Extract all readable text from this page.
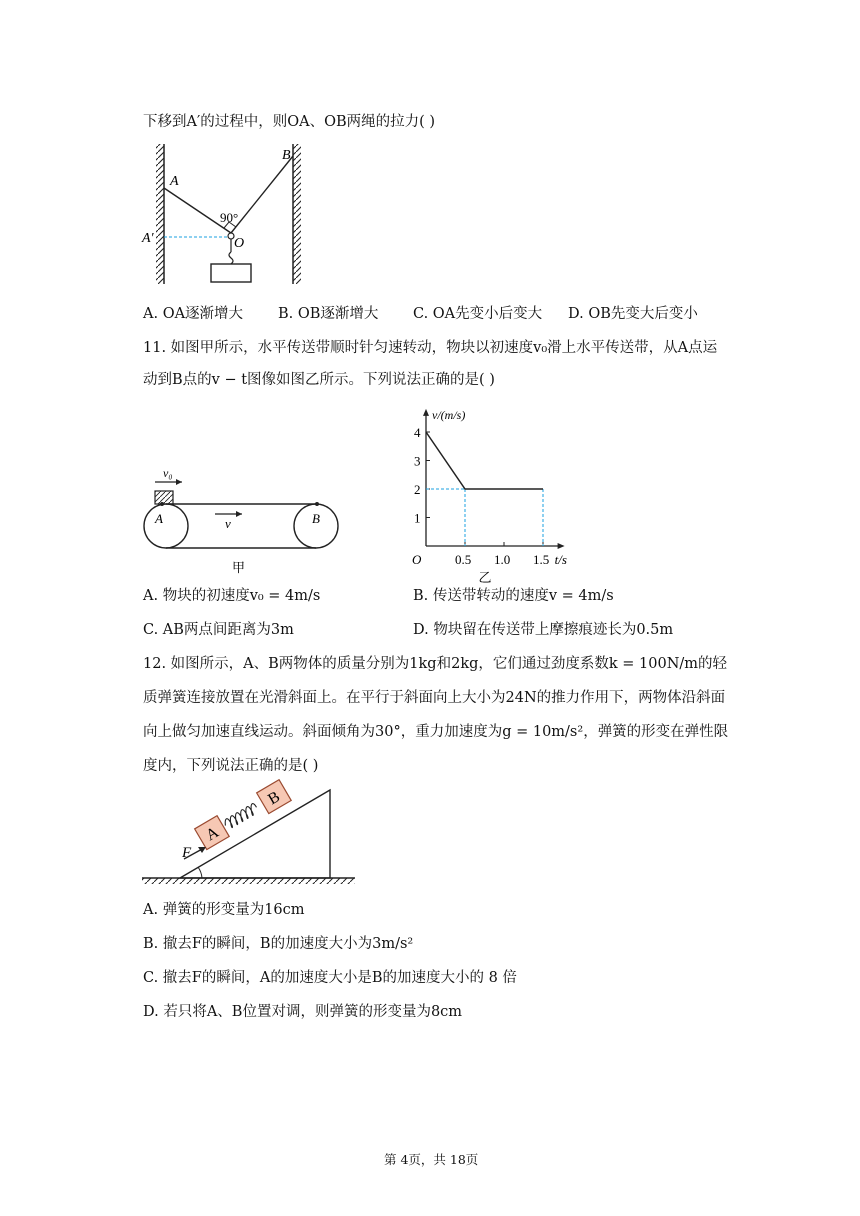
下移到A′的过程中，则OA、OB两绳的拉力( )
A
B
A′	O
90°
A. OA逐渐增大 B. OB逐渐增大 C. OA先变小后变大 D. OB先变大后变小
11. 如图甲所示，水平传送带顺时针匀速转动，物块以初速度v₀滑上水平传送带，从A点运
动到B点的v − t图像如图乙所示。下列说法正确的是( )
v₀
A	B
v
甲
1
2
3
4
0.5 1.0 1.5
v/(m/s)
t/s
O
乙
A. 物块的初速度v₀ = 4m/s	B. 传送带转动的速度v = 4m/s
C. AB两点间距离为3m	D. 物块留在传送带上摩擦痕迹长为0.5m
12. 如图所示，A、B两物体的质量分别为1kg和2kg，它们通过劲度系数k = 100N/m的轻
质弹簧连接放置在光滑斜面上。在平行于斜面向上大小为24N的推力作用下，两物体沿斜面
向上做匀加速直线运动。斜面倾角为30°，重力加速度为g = 10m/s²，弹簧的形变在弹性限
度内，下列说法正确的是( )
A
B
F
A. 弹簧的形变量为16cm
B. 撤去F的瞬间，B的加速度大小为3m/s²
C. 撤去F的瞬间，A的加速度大小是B的加速度大小的 8 倍
D. 若只将A、B位置对调，则弹簧的形变量为8cm
第 4页，共 18页
